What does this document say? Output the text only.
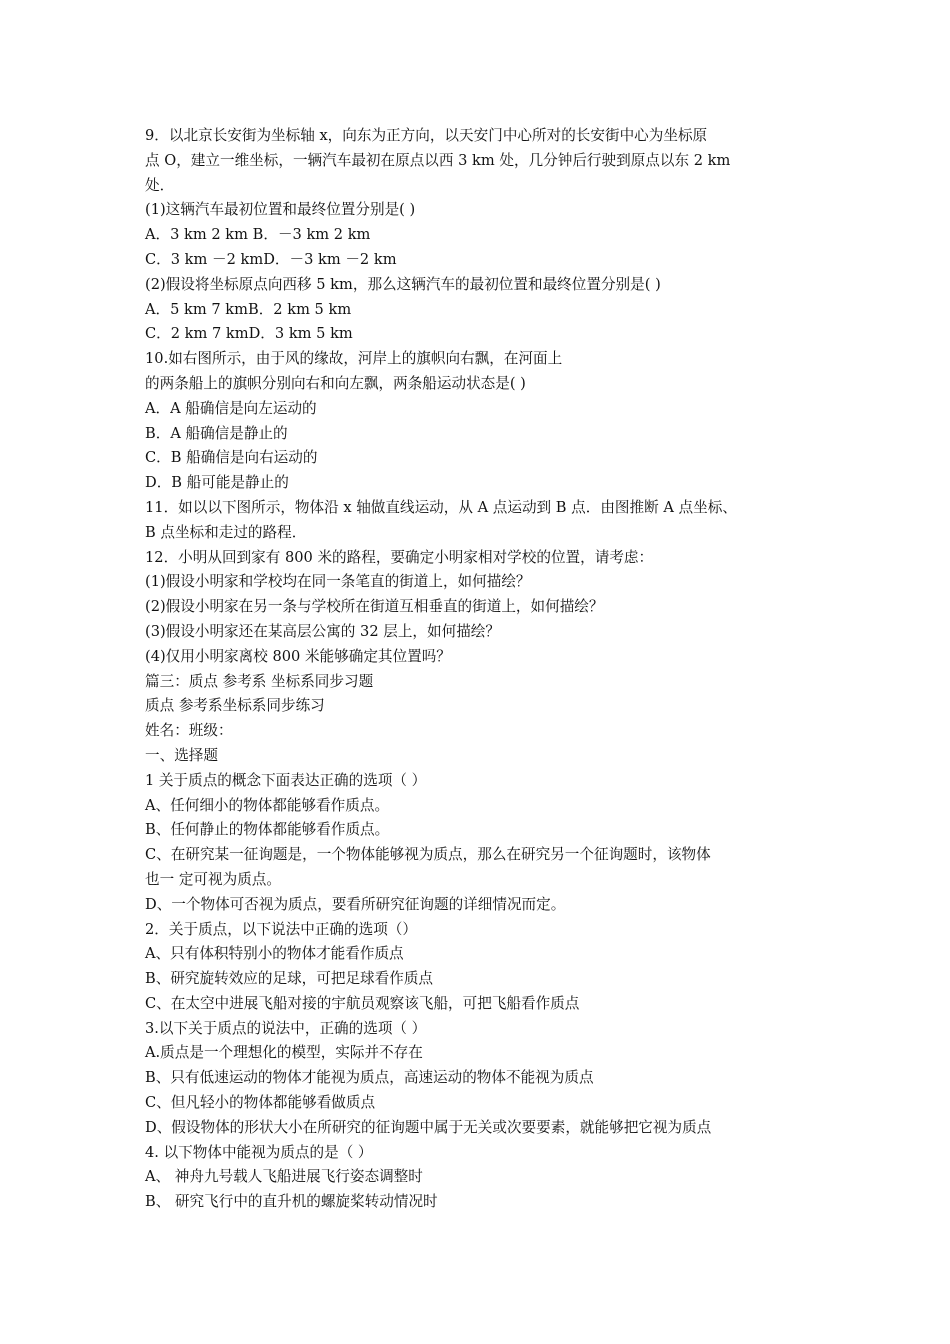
9．以北京长安街为坐标轴 x，向东为正方向，以天安门中心所对的长安街中心为坐标原
点 O，建立一维坐标，一辆汽车最初在原点以西 3 km 处，几分钟后行驶到原点以东 2 km
处．
(1)这辆汽车最初位置和最终位置分别是( )
A．3 km 2 km B．－3 km 2 km
C．3 km －2 kmD．－3 km －2 km
(2)假设将坐标原点向西移 5 km，那么这辆汽车的最初位置和最终位置分别是( )
A．5 km 7 kmB．2 km 5 km
C．2 km 7 kmD．3 km 5 km
10.如右图所示，由于风的缘故，河岸上的旗帜向右飘，在河面上
的两条船上的旗帜分别向右和向左飘，两条船运动状态是( )
A．A 船确信是向左运动的
B．A 船确信是静止的
C．B 船确信是向右运动的
D．B 船可能是静止的
11．如以以下图所示，物体沿 x 轴做直线运动，从 A 点运动到 B 点．由图推断 A 点坐标、
B 点坐标和走过的路程．
12．小明从回到家有 800 米的路程，要确定小明家相对学校的位置，请考虑：
(1)假设小明家和学校均在同一条笔直的街道上，如何描绘？
(2)假设小明家在另一条与学校所在街道互相垂直的街道上，如何描绘？
(3)假设小明家还在某高层公寓的 32 层上，如何描绘？
(4)仅用小明家离校 800 米能够确定其位置吗？
篇三：质点 参考系 坐标系同步习题
质点 参考系坐标系同步练习
姓名：班级：
一、选择题
1 关于质点的概念下面表达正确的选项（ ）
A、任何细小的物体都能够看作质点。
B、任何静止的物体都能够看作质点。
C、在研究某一征询题是，一个物体能够视为质点，那么在研究另一个征询题时，该物体
也一 定可视为质点。
D、一个物体可否视为质点，要看所研究征询题的详细情况而定。
2．关于质点，以下说法中正确的选项（）
A、只有体积特别小的物体才能看作质点
B、研究旋转效应的足球，可把足球看作质点
C、在太空中进展飞船对接的宇航员观察该飞船，可把飞船看作质点
3.以下关于质点的说法中，正确的选项（ ）
A.质点是一个理想化的模型，实际并不存在
B、只有低速运动的物体才能视为质点，高速运动的物体不能视为质点
C、但凡轻小的物体都能够看做质点
D、假设物体的形状大小在所研究的征询题中属于无关或次要要素，就能够把它视为质点
4. 以下物体中能视为质点的是（ ）
A、 神舟九号载人飞船进展飞行姿态调整时
B、 研究飞行中的直升机的螺旋桨转动情况时
